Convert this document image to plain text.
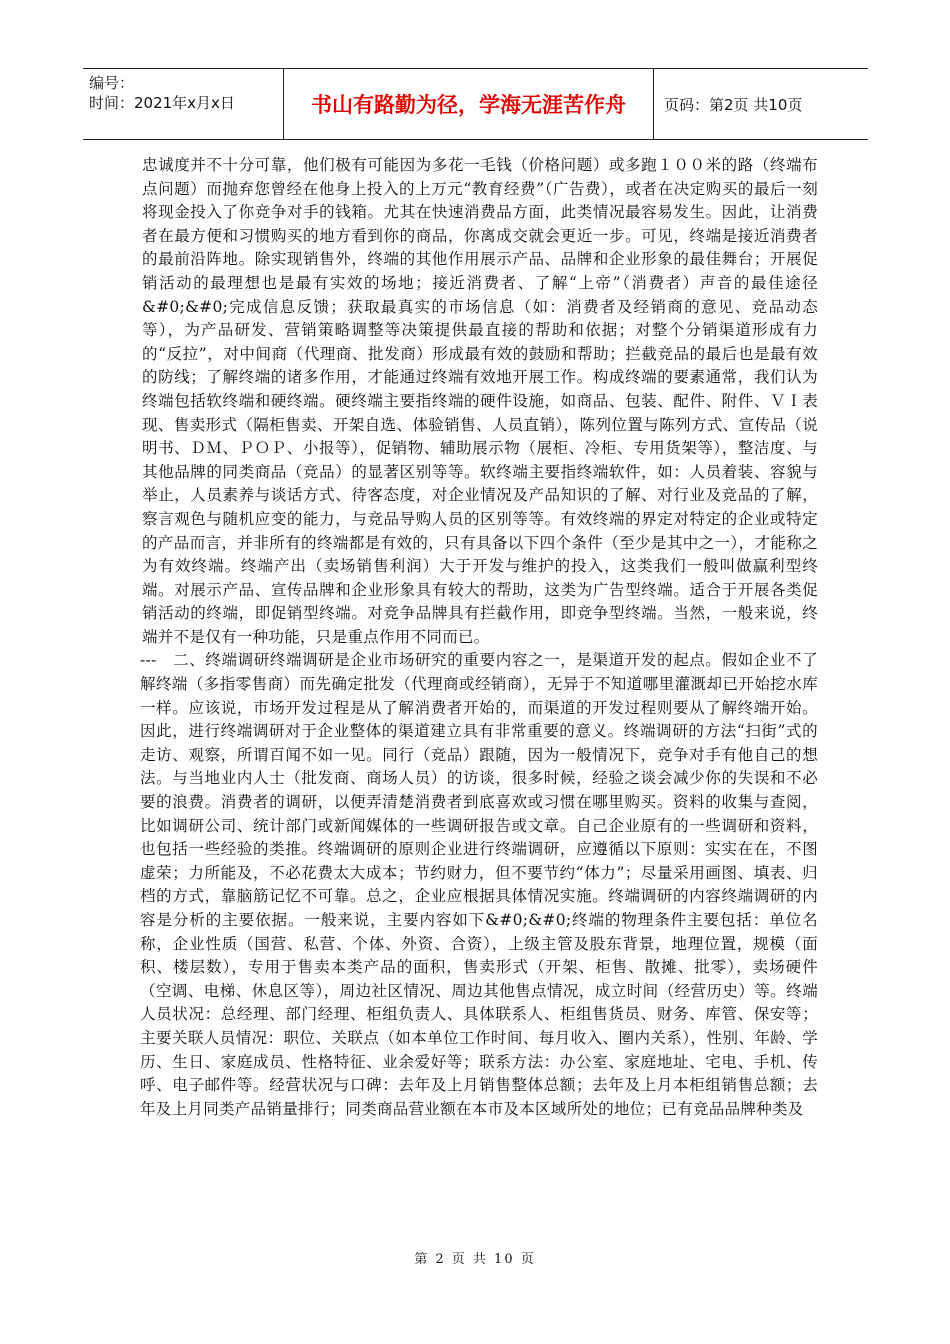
编号：
时间：2021年x月x日	书山有路勤为径，学海无涯苦作舟	页码：第2页 共10页

忠诚度并不十分可靠，他们极有可能因为多花一毛钱（价格问题）或多跑１００米的路（终端布点问题）而抛弃您曾经在他身上投入的上万元“教育经费”（广告费），或者在决定购买的最后一刻将现金投入了你竞争对手的钱箱。尤其在快速消费品方面，此类情况最容易发生。因此，让消费者在最方便和习惯购买的地方看到你的商品，你离成交就会更近一步。可见，终端是接近消费者的最前沿阵地。除实现销售外，终端的其他作用展示产品、品牌和企业形象的最佳舞台；开展促销活动的最理想也是最有实效的场地；接近消费者、了解“上帝”（消费者）声音的最佳途径&#0;&#0;完成信息反馈；获取最真实的市场信息（如：消费者及经销商的意见、竞品动态等），为产品研发、营销策略调整等决策提供最直接的帮助和依据；对整个分销渠道形成有力的“反拉”，对中间商（代理商、批发商）形成最有效的鼓励和帮助；拦截竞品的最后也是最有效的防线；了解终端的诸多作用，才能通过终端有效地开展工作。构成终端的要素通常，我们认为终端包括软终端和硬终端。硬终端主要指终端的硬件设施，如商品、包装、配件、附件、ＶＩ表现、售卖形式（隔柜售卖、开架自选、体验销售、人员直销），陈列位置与陈列方式、宣传品（说明书、ＤＭ、ＰＯＰ、小报等），促销物、辅助展示物（展柜、冷柜、专用货架等），整洁度、与其他品牌的同类商品（竞品）的显著区别等等。软终端主要指终端软件，如：人员着装、容貌与举止，人员素养与谈话方式、待客态度，对企业情况及产品知识的了解、对行业及竞品的了解，察言观色与随机应变的能力，与竞品导购人员的区别等等。有效终端的界定对特定的企业或特定的产品而言，并非所有的终端都是有效的，只有具备以下四个条件（至少是其中之一），才能称之为有效终端。终端产出（卖场销售利润）大于开发与维护的投入，这类我们一般叫做赢利型终端。对展示产品、宣传品牌和企业形象具有较大的帮助，这类为广告型终端。适合于开展各类促销活动的终端，即促销型终端。对竞争品牌具有拦截作用，即竞争型终端。当然，一般来说，终端并不是仅有一种功能，只是重点作用不同而已。

---　二、终端调研终端调研是企业市场研究的重要内容之一，是渠道开发的起点。假如企业不了解终端（多指零售商）而先确定批发（代理商或经销商），无异于不知道哪里灌溉却已开始挖水库一样。应该说，市场开发过程是从了解消费者开始的，而渠道的开发过程则要从了解终端开始。因此，进行终端调研对于企业整体的渠道建立具有非常重要的意义。终端调研的方法“扫街”式的走访、观察，所谓百闻不如一见。同行（竞品）跟随，因为一般情况下，竞争对手有他自己的想法。与当地业内人士（批发商、商场人员）的访谈，很多时候，经验之谈会减少你的失误和不必要的浪费。消费者的调研，以便弄清楚消费者到底喜欢或习惯在哪里购买。资料的收集与查阅，比如调研公司、统计部门或新闻媒体的一些调研报告或文章。自己企业原有的一些调研和资料，也包括一些经验的类推。终端调研的原则企业进行终端调研，应遵循以下原则：实实在在，不图虚荣；力所能及，不必花费太大成本；节约财力，但不要节约“体力”；尽量采用画图、填表、归档的方式，靠脑筋记忆不可靠。总之，企业应根据具体情况实施。终端调研的内容终端调研的内容是分析的主要依据。一般来说，主要内容如下&#0;&#0;终端的物理条件主要包括：单位名称，企业性质（国营、私营、个体、外资、合资），上级主管及股东背景，地理位置，规模（面积、楼层数），专用于售卖本类产品的面积，售卖形式（开架、柜售、散摊、批零），卖场硬件（空调、电梯、休息区等），周边社区情况、周边其他售点情况，成立时间（经营历史）等。终端人员状况：总经理、部门经理、柜组负责人、具体联系人、柜组售货员、财务、库管、保安等；主要关联人员情况：职位、关联点（如本单位工作时间、每月收入、圈内关系），性别、年龄、学历、生日、家庭成员、性格特征、业余爱好等；联系方法：办公室、家庭地址、宅电、手机、传呼、电子邮件等。经营状况与口碑：去年及上月销售整体总额；去年及上月本柜组销售总额；去年及上月同类产品销量排行；同类商品营业额在本市及本区域所处的地位；已有竞品品牌种类及

第 2 页 共 10 页
